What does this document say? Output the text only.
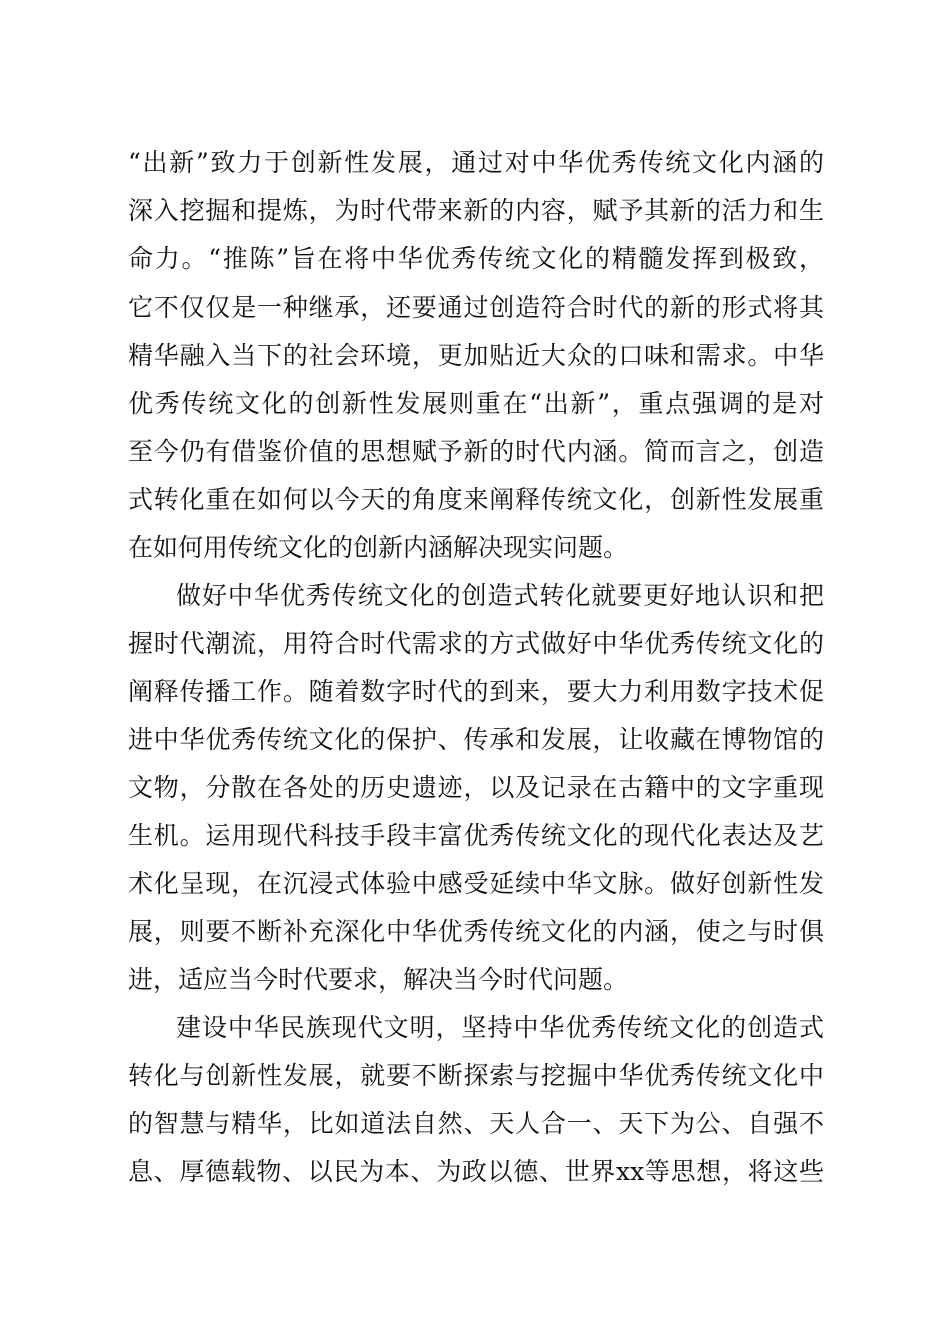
“出新”致力于创新性发展，通过对中华优秀传统文化内涵的
深入挖掘和提炼，为时代带来新的内容，赋予其新的活力和生
命力。“推陈”旨在将中华优秀传统文化的精髓发挥到极致，
它不仅仅是一种继承，还要通过创造符合时代的新的形式将其
精华融入当下的社会环境，更加贴近大众的口味和需求。中华
优秀传统文化的创新性发展则重在“出新”，重点强调的是对
至今仍有借鉴价值的思想赋予新的时代内涵。简而言之，创造
式转化重在如何以今天的角度来阐释传统文化，创新性发展重
在如何用传统文化的创新内涵解决现实问题。
做好中华优秀传统文化的创造式转化就要更好地认识和把
握时代潮流，用符合时代需求的方式做好中华优秀传统文化的
阐释传播工作。随着数字时代的到来，要大力利用数字技术促
进中华优秀传统文化的保护、传承和发展，让收藏在博物馆的
文物，分散在各处的历史遗迹，以及记录在古籍中的文字重现
生机。运用现代科技手段丰富优秀传统文化的现代化表达及艺
术化呈现，在沉浸式体验中感受延续中华文脉。做好创新性发
展，则要不断补充深化中华优秀传统文化的内涵，使之与时俱
进，适应当今时代要求，解决当今时代问题。
建设中华民族现代文明，坚持中华优秀传统文化的创造式
转化与创新性发展，就要不断探索与挖掘中华优秀传统文化中
的智慧与精华，比如道法自然、天人合一、天下为公、自强不
息、厚德载物、以民为本、为政以德、世界xx等思想，将这些
